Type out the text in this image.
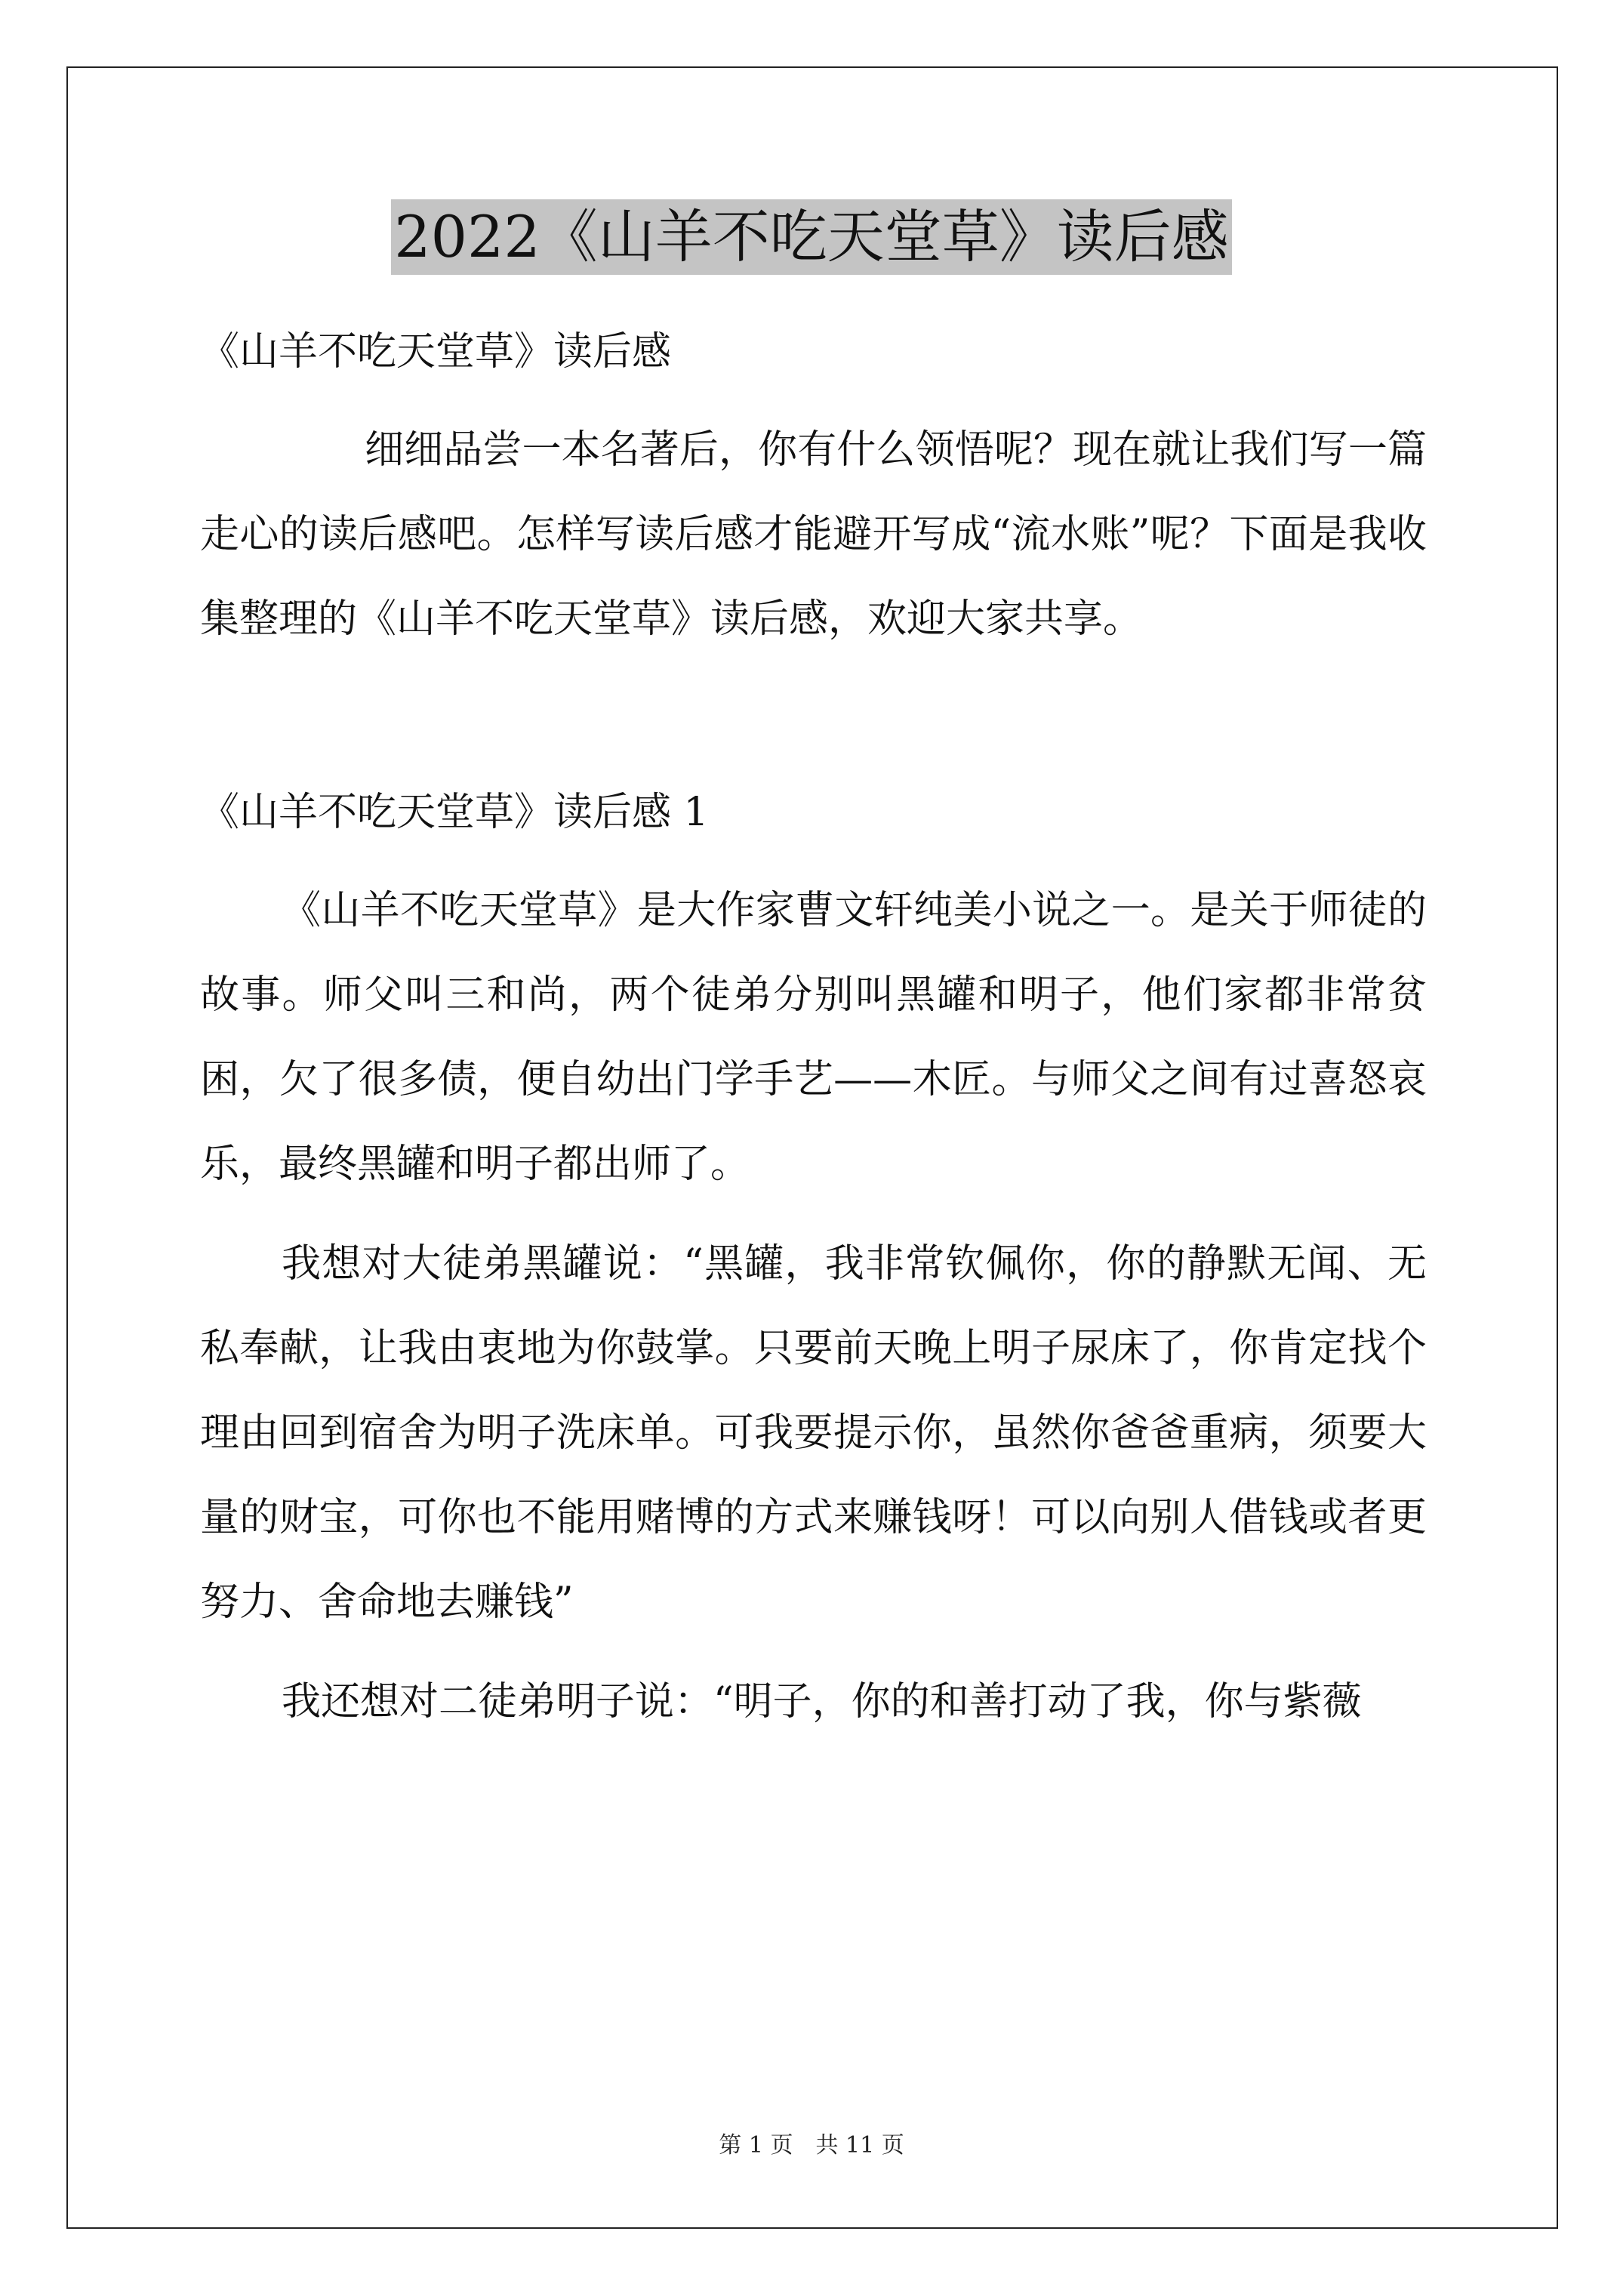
2022《山羊不吃天堂草》读后感

《山羊不吃天堂草》读后感

细细品尝一本名著后，你有什么领悟呢？现在就让我们写一篇走心的读后感吧。怎样写读后感才能避开写成“流水账”呢？下面是我收集整理的《山羊不吃天堂草》读后感，欢迎大家共享。

《山羊不吃天堂草》读后感 1

《山羊不吃天堂草》是大作家曹文轩纯美小说之一。是关于师徒的故事。师父叫三和尚，两个徒弟分别叫黑罐和明子，他们家都非常贫困，欠了很多债，便自幼出门学手艺——木匠。与师父之间有过喜怒哀乐，最终黑罐和明子都出师了。

我想对大徒弟黑罐说：“黑罐，我非常钦佩你，你的静默无闻、无私奉献，让我由衷地为你鼓掌。只要前天晚上明子尿床了，你肯定找个理由回到宿舍为明子洗床单。可我要提示你，虽然你爸爸重病，须要大量的财宝，可你也不能用赌博的方式来赚钱呀！可以向别人借钱或者更努力、舍命地去赚钱”

我还想对二徒弟明子说：“明子，你的和善打动了我，你与紫薇

第 1 页　共 11 页
